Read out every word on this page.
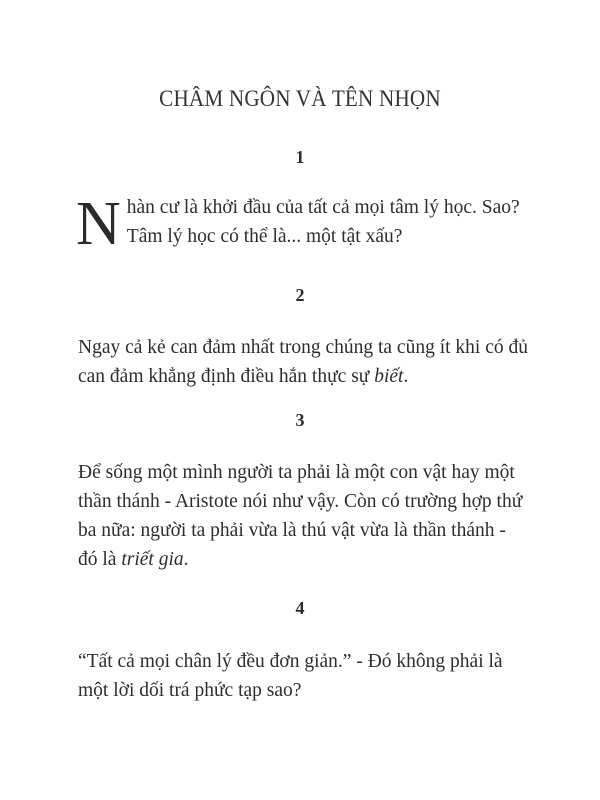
CHÂM NGÔN VÀ TÊN NHỌN
1

Nhàn cư là khởi đầu của tất cả mọi tâm lý học. Sao? Tâm lý học có thể là... một tật xấu?

2

Ngay cả kẻ can đảm nhất trong chúng ta cũng ít khi có đủ can đảm khẳng định điều hắn thực sự biết.

3

Để sống một mình người ta phải là một con vật hay một thần thánh - Aristote nói như vậy. Còn có trường hợp thứ ba nữa: người ta phải vừa là thú vật vừa là thần thánh - đó là triết gia.

4

“Tất cả mọi chân lý đều đơn giản.” - Đó không phải là một lời dối trá phức tạp sao?
